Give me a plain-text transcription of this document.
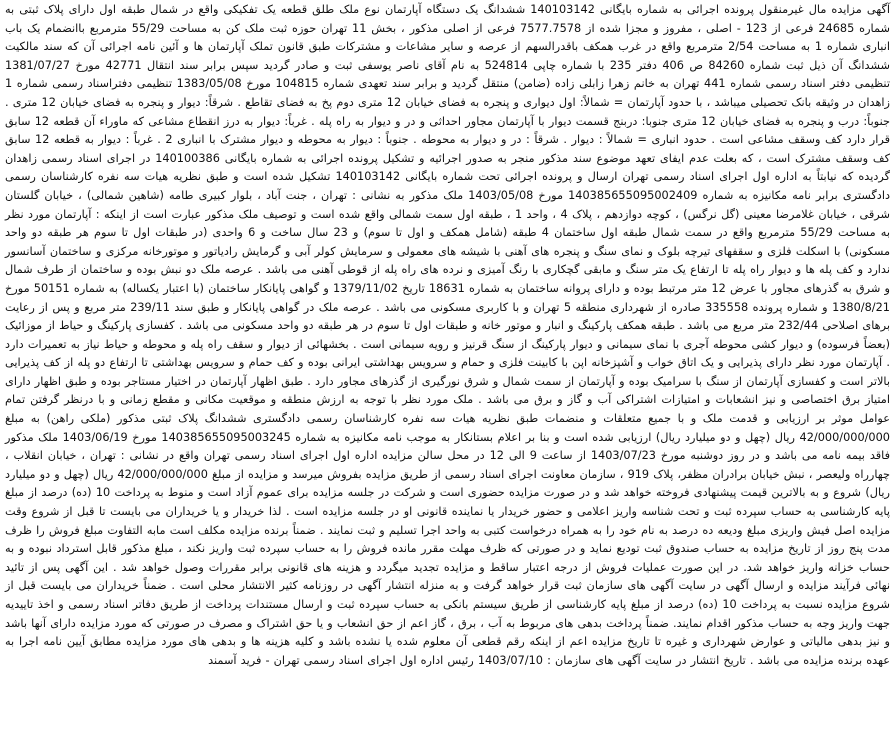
آگهی مزایده مال غیرمنقول پرونده اجرائی به شماره بایگانی 140103142 ششدانگ یک دستگاه آپارتمان نوع ملک طلق قطعه یک تفکیکی واقع در شمال طبقه اول دارای پلاک ثبتی به شماره 24685 فرعی از 123 - اصلی ، مفروز و مجزا شده از 7577.7578 فرعی از اصلی مذکور ، بخش 11 تهران حوزه ثبت ملک کن به مساحت 55/29 مترمربع باانضمام یک باب انباری شماره 1 به مساحت 2/54 مترمربع واقع در غرب همکف باقدرالسهم از عرصه و سایر مشاعات و مشترکات طبق قانون تملک آپارتمان ها و آئین نامه اجرائی آن که سند مالکیت ششدانگ آن ذیل ثبت شماره 84260 ص 406 دفتر 235 با شماره چاپی 524814 به نام آقای ناصر یوسفی ثبت و صادر گردید سپس برابر سند انتقال 42771 مورخ 1381/07/27 تنظیمی دفتر اسناد رسمی شماره 441 تهران به خانم زهرا زابلی زاده (ضامن) منتقل گردید و برابر سند تعهدی شماره 104815 مورخ 1383/05/08 تنظیمی دفتراسناد رسمی شماره 1 زاهدان در وثیقه بانک تحصیلی میباشد ، با حدود آپارتمان = شمالاً: اول دیواری و پنجره به فضای خیابان 12 متری دوم پخ به فضای تقاطع . شرقاً: دیوار و پنجره به فضای خیابان 12 متری . جنوباً: درب و پنجره به فضای خیابان 12 متری جنوبا: دربنج قسمت دیوار با آپارتمان مجاور احداثی و در و دیوار به راه پله . غرباً: دیوار به درز انقطاع مشاعی که ماوراء آن قطعه 12 سابق قرار دارد کف وسقف مشاعی است . حدود انباری = شمالاً : دیوار . شرقاً : در و دیوار به محوطه . جنوباً : دیوار به محوطه و دیوار مشترک با انباری 2 . غرباً : دیوار به قطعه 12 سابق کف وسقف مشترک است ، که بعلت عدم ایفای تعهد موضوع سند مذکور منجر به صدور اجرائیه و تشکیل پرونده اجرائی به شماره بایگانی 140100386 در اجرای اسناد رسمی زاهدان گردیده که نیابتاً به اداره اول اجرای اسناد رسمی تهران ارسال و پرونده اجرائی تحت شماره بایگانی 140103142 تشکیل شده است و طبق نظریه هیات سه نفره کارشناسان رسمی دادگستری برابر نامه مکانیزه به شماره 140385655095002409 مورخ 1403/05/08 ملک مذکور به نشانی : تهران ، جنت آباد ، بلوار کبیری طامه (شاهین شمالی) ، خیابان گلستان شرقی ، خیابان غلامرضا معینی (گل نرگس) ، کوچه دوازدهم ، پلاک 4 ، واحد 1 ، طبقه اول سمت شمالی واقع شده است و توصیف ملک مذکور عبارت است از اینکه : آپارتمان مورد نظر به مساحت 55/29 مترمربع واقع در سمت شمال طبقه اول ساختمان 4 طبقه (شامل همکف و اول تا سوم) و 23 سال ساخت و 6 واحدی (در طبقات اول تا سوم هر طبقه دو واحد مسکونی) با اسکلت فلزی و سقفهای تیرچه بلوک و نمای سنگ و پنجره های آهنی با شیشه های معمولی و سرمایش کولر آبی و گرمایش رادیاتور و موتورخانه مرکزی و ساختمان آسانسور ندارد و کف پله ها و دیوار راه پله تا ارتفاع یک متر سنگ و مابقی گچکاری با رنگ آمیزی و نرده های راه پله از قوطی آهنی می باشد . عرصه ملک دو نبش بوده و ساختمان از طرف شمال و شرق به گذرهای مجاور با عرض 12 متر مرتبط بوده و دارای پروانه ساختمان به شماره 18631 تاریخ 1379/11/02 و گواهی پایانکار ساختمان (با اعتبار یکساله) به شماره 50151 مورخ 1380/8/21 و شماره پرونده 335558 صادره از شهرداری منطقه 5 تهران و با کاربری مسکونی می باشد . عرصه ملک در گواهی پایانکار و طبق سند 239/11 متر مربع و پس از رعایت برهای اصلاحی 232/44 متر مربع می باشد . طبقه همکف پارکینگ و انبار و موتور خانه و طبقات اول تا سوم در هر طبقه دو واحد مسکونی می باشد . کفسازی پارکینگ و حیاط از موزائیک (بعضاً فرسوده) و دیوار کشی محوطه آجری با نمای سیمانی و دیوار پارکینگ از سنگ قرنیز و رویه سیمانی است . بخشهائی از دیوار و سقف راه پله و محوطه و حیاط نیاز به تعمیرات دارد . آپارتمان مورد نظر دارای پذیرایی و یک اتاق خواب و آشپزخانه اپن با کابینت فلزی و حمام و سرویس بهداشتی ایرانی بوده و کف حمام و سرویس بهداشتی تا ارتفاع دو پله از کف پذیرایی بالاتر است و کفسازی آپارتمان از سنگ با سرامیک بوده و آپارتمان از سمت شمال و شرق نورگیری از گذرهای مجاور دارد . طبق اظهار آپارتمان در اختیار مستاجر بوده و طبق اظهار دارای امتیاز برق اختصاصی و نیز انشعابات و امتیازات اشتراکی آب و گاز و برق می باشد . ملک مورد نظر با توجه به ارزش منطقه و موقعیت مکانی و مقطع زمانی و با درنظر گرفتن تمام عوامل موثر بر ارزیابی و قدمت ملک و با جمیع متعلقات و منضمات طبق نظریه هیات سه نفره کارشناسان رسمی دادگستری ششدانگ پلاک ثبتی مذکور (ملکی راهن) به مبلغ 42/000/000/000 ریال (چهل و دو میلیارد ریال) ارزیابی شده است و بنا بر اعلام بستانکار به موجب نامه مکانیزه به شماره 140385655095003245 مورخ 1403/06/19 ملک مذکور فاقد بیمه نامه می باشد و در روز دوشنبه مورخ 1403/07/23 از ساعت 9 الی 12 در محل سالن مزایده اداره اول اجرای اسناد رسمی تهران واقع در نشانی : تهران ، خیابان انقلاب ، چهارراه ولیعصر ، نبش خیابان برادران مظفر، پلاک 919 ، سازمان معاونت اجرای اسناد رسمی از طریق مزایده بفروش میرسد و مزایده از مبلغ 42/000/000/000 ریال (چهل و دو میلیارد ریال) شروع و به بالاترین قیمت پیشنهادی فروخته خواهد شد و در صورت مزایده حضوری است و شرکت در جلسه مزایده برای عموم آزاد است و منوط به پرداخت 10 (ده) درصد از مبلغ پایه کارشناسی به حساب سپرده ثبت و تحت شناسه واریز اعلامی و حضور خریدار یا نماینده قانونی او در جلسه مزایده است . لذا خریدار و یا خریداران می بایست تا قبل از شروع وقت مزایده اصل فیش واریزی مبلغ ودیعه ده درصد به نام خود را به همراه درخواست کتبی به واحد اجرا تسلیم و ثبت نمایند . ضمناً برنده مزایده مکلف است مابه التفاوت مبلغ فروش را ظرف مدت پنج روز از تاریخ مزایده به حساب صندوق ثبت تودیع نماید و در صورتی که ظرف مهلت مقرر مانده فروش را به حساب سپرده ثبت واریز نکند ، مبلغ مذکور قابل استرداد نبوده و به حساب خزانه واریز خواهد شد. در این صورت عملیات فروش از درجه اعتبار ساقط و مزایده تجدید میگردد و هزینه های قانونی برابر مقررات وصول خواهد شد . این آگهی پس از تائید نهائی فرآیند مزایده و ارسال آگهی در سایت آگهی های سازمان ثبت قرار خواهد گرفت و به منزله انتشار آگهی در روزنامه کثیر الانتشار محلی است . ضمناً خریداران می بایست قبل از شروع مزایده نسبت به پرداخت 10 (ده) درصد از مبلغ پایه کارشناسی از طریق سیستم بانکی به حساب سپرده ثبت و ارسال مستندات پرداخت از طریق دفاتر اسناد رسمی و اخذ تاییدیه جهت واریز وجه به حساب مذکور اقدام نمایند. ضمناً پرداخت بدهی های مربوط به آب ، برق ، گاز اعم از حق انشعاب و یا حق اشتراک و مصرف در صورتی که مورد مزایده دارای آنها باشد و نیز بدهی مالیاتی و عوارض شهرداری و غیره تا تاریخ مزایده اعم از اینکه رقم قطعی آن معلوم شده یا نشده باشد و کلیه هزینه ها و بدهی های مورد مزایده مطابق آیین نامه اجرا به عهده برنده مزایده می باشد . تاریخ انتشار در سایت آگهی های سازمان : 1403/07/10 رئیس اداره اول اجرای اسناد رسمی تهران - فرید آسمند
